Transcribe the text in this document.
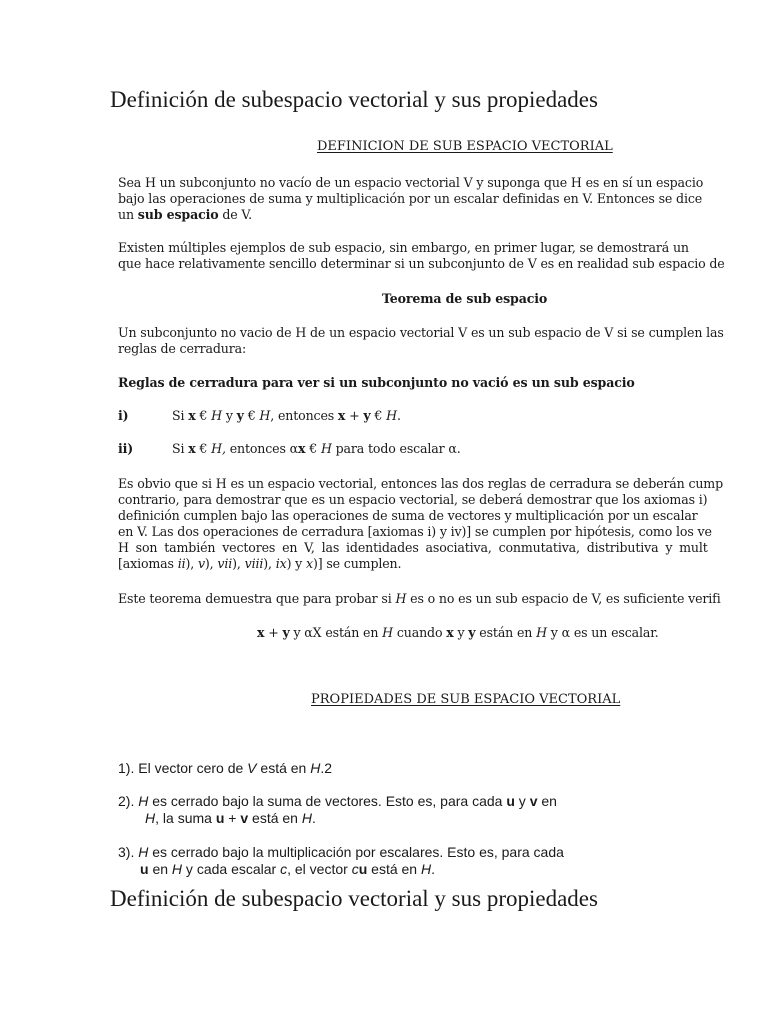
Definición de subespacio vectorial y sus propiedades
DEFINICION DE SUB ESPACIO VECTORIAL
Sea H un subconjunto no vacío de un espacio vectorial V y suponga que H es en sí un espacio
bajo las operaciones de suma y multiplicación por un escalar definidas en V. Entonces se dice
un sub espacio de V.
Existen múltiples ejemplos de sub espacio, sin embargo, en primer lugar, se demostrará un
que hace relativamente sencillo determinar si un subconjunto de V es en realidad sub espacio de
Teorema de sub espacio
Un subconjunto no vacio de H de un espacio vectorial V es un sub espacio de V si se cumplen las
reglas de cerradura:
Reglas de cerradura para ver si un subconjunto no vació es un sub espacio
i)	Si x € H y y € H, entonces x + y € H.
ii)	Si x € H, entonces αx € H para todo escalar α.
Es obvio que si H es un espacio vectorial, entonces las dos reglas de cerradura se deberán cump
contrario, para demostrar que es un espacio vectorial, se deberá demostrar que los axiomas i)
definición cumplen bajo las operaciones de suma de vectores y multiplicación por un escalar
en V. Las dos operaciones de cerradura [axiomas i) y iv)] se cumplen por hipótesis, como los ve
H son también vectores en V, las identidades asociativa, conmutativa, distributiva y mult
[axiomas ii), v), vii), viii), ix) y x)] se cumplen.
Este teorema demuestra que para probar si H es o no es un sub espacio de V, es suficiente verifi
x + y y αX están en H cuando x y y están en H y α es un escalar.
PROPIEDADES DE SUB ESPACIO VECTORIAL
1). El vector cero de V está en H.2
2). H es cerrado bajo la suma de vectores. Esto es, para cada u y v en
H, la suma u + v está en H.
3). H es cerrado bajo la multiplicación por escalares. Esto es, para cada
u en H y cada escalar c, el vector cu está en H.
Definición de subespacio vectorial y sus propiedades
